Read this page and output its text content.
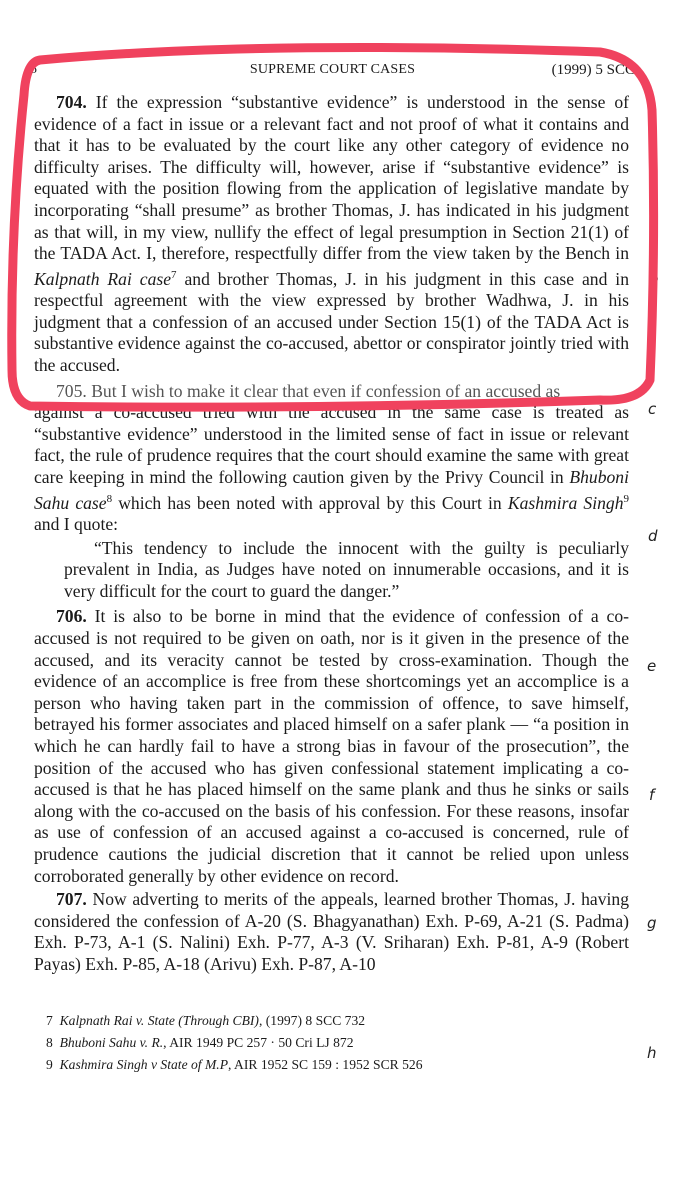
5	SUPREME COURT CASES	(1999) 5 SCC

704. If the expression “substantive evidence” is understood in the sense of evidence of a fact in issue or a relevant fact and not proof of what it contains and that it has to be evaluated by the court like any other category of evidence no difficulty arises. The difficulty will, however, arise if “substantive evidence” is equated with the position flowing from the application of legislative mandate by incorporating “shall presume” as brother Thomas, J. has indicated in his judgment as that will, in my view, nullify the effect of legal presumption in Section 21(1) of the TADA Act. I, therefore, respectfully differ from the view taken by the Bench in Kalpnath Rai case$^7$ and brother Thomas, J. in his judgment in this case and in respectful agreement with the view expressed by brother Wadhwa, J. in his judgment that a confession of an accused under Section 15(1) of the TADA Act is substantive evidence against the co-accused, abettor or conspirator jointly tried with the accused.

705. But I wish to make it clear that even if confession of an accused as

against a co-accused tried with the accused in the same case is treated as “substantive evidence” understood in the limited sense of fact in issue or relevant fact, the rule of prudence requires that the court should examine the same with great care keeping in mind the following caution given by the Privy Council in Bhuboni Sahu case$^8$ which has been noted with approval by this Court in Kashmira Singh$^9$ and I quote:

“This tendency to include the innocent with the guilty is peculiarly prevalent in India, as Judges have noted on innumerable occasions, and it is very difficult for the court to guard the danger.”

706. It is also to be borne in mind that the evidence of confession of a co-accused is not required to be given on oath, nor is it given in the presence of the accused, and its veracity cannot be tested by cross-examination. Though the evidence of an accomplice is free from these shortcomings yet an accomplice is a person who having taken part in the commission of offence, to save himself, betrayed his former associates and placed himself on a safer plank — “a position in which he can hardly fail to have a strong bias in favour of the prosecution”, the position of the accused who has given confessional statement implicating a co-accused is that he has placed himself on the same plank and thus he sinks or sails along with the co-accused on the basis of his confession. For these reasons, insofar as use of confession of an accused against a co-accused is concerned, rule of prudence cautions the judicial discretion that it cannot be relied upon unless corroborated generally by other evidence on record.

707. Now adverting to merits of the appeals, learned brother Thomas, J. having considered the confession of A-20 (S. Bhagyanathan) Exh. P-69, A-21 (S. Padma) Exh. P-73, A-1 (S. Nalini) Exh. P-77, A-3 (V. Sriharan) Exh. P-81, A-9 (Robert Payas) Exh. P-85, A-18 (Arivu) Exh. P-87, A-10

b
c
d
e
f
g
h
7 Kalpnath Rai v. State (Through CBI), (1997) 8 SCC 732
8 Bhuboni Sahu v. R., AIR 1949 PC 257 · 50 Cri LJ 872
9 Kashmira Singh v State of M.P, AIR 1952 SC 159 : 1952 SCR 526
